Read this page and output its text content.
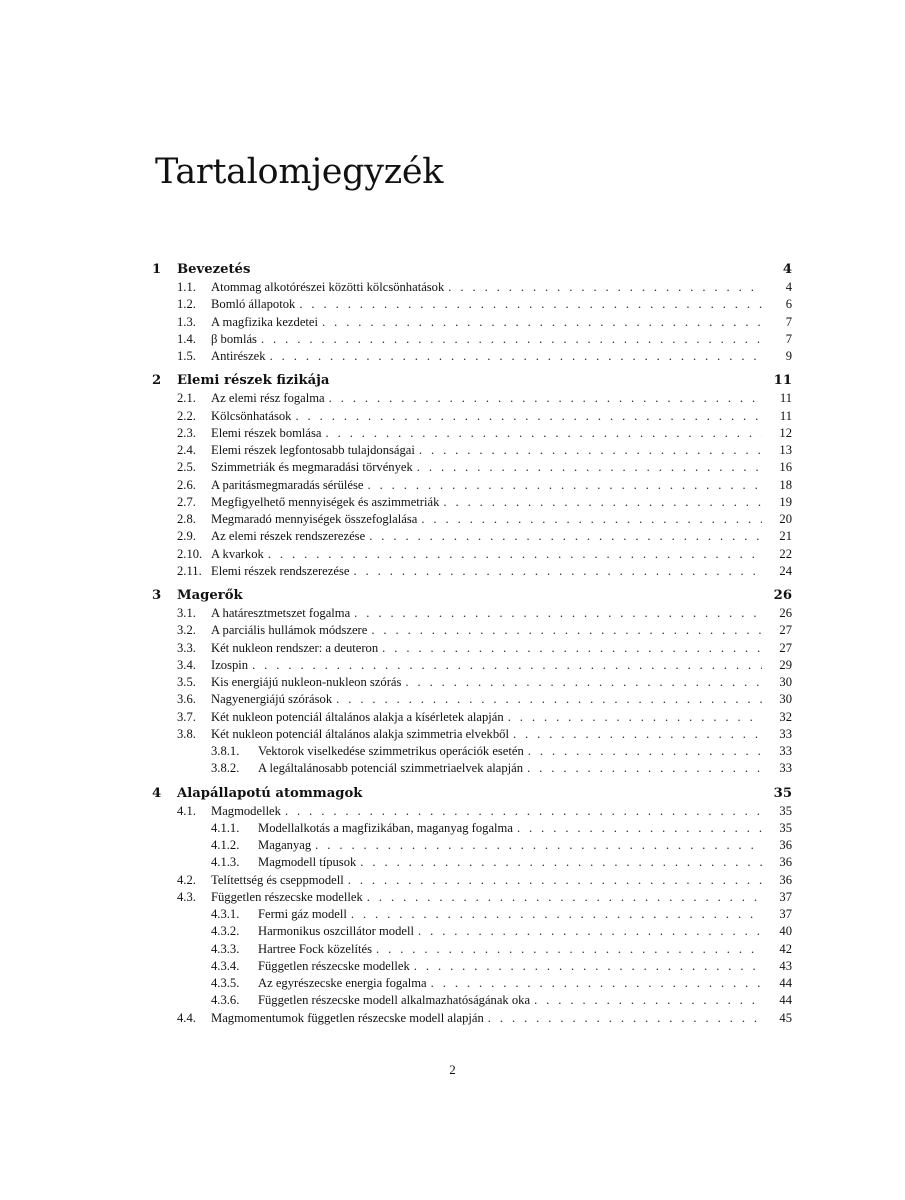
Tartalomjegyzék
1	Bevezetés	4
1.1.	Atommag alkotórészei közötti kölcsönhatások . . .	4
1.2.	Bomló állapotok . . .	6
1.3.	A magfizika kezdetei . . .	7
1.4.	β bomlás . . .	7
1.5.	Antirészek . . .	9
2	Elemi részek fizikája	11
2.1.	Az elemi rész fogalma . . .	11
2.2.	Kölcsönhatások . . .	11
2.3.	Elemi részek bomlása . . .	12
2.4.	Elemi részek legfontosabb tulajdonságai . . .	13
2.5.	Szimmetriák és megmaradási törvények . . .	16
2.6.	A paritásmegmaradás sérülése . . .	18
2.7.	Megfigyelhető mennyiségek és aszimmetriák . . .	19
2.8.	Megmaradó mennyiségek összefoglalása . . .	20
2.9.	Az elemi részek rendszerezése . . .	21
2.10. A kvarkok . . .	22
2.11. Elemi részek rendszerezése . . .	24
3	Magerők	26
3.1.	A határesztmetszet fogalma . . .	26
3.2.	A parciális hullámok módszere . . .	27
3.3.	Két nukleon rendszer: a deuteron . . .	27
3.4.	Izospin . . .	29
3.5.	Kis energiájú nukleon-nukleon szórás . . .	30
3.6.	Nagyenergiájú szórások . . .	30
3.7.	Két nukleon potenciál általános alakja a kísérletek alapján . . .	32
3.8.	Két nukleon potenciál általános alakja szimmetria elvekből . . .	33
3.8.1.	Vektorok viselkedése szimmetrikus operációk esetén . . .	33
3.8.2.	A legáltalánosabb potenciál szimmetriaelvek alapján . . .	33
4	Alapállapotú atommagok	35
4.1.	Magmodellek . . .	35
4.1.1.	Modellalkotás a magfizikában, maganyag fogalma . . .	35
4.1.2.	Maganyag . . .	36
4.1.3.	Magmodell típusok . . .	36
4.2.	Telítettség és cseppmodell . . .	36
4.3.	Független részecske modellek . . .	37
4.3.1.	Fermi gáz modell . . .	37
4.3.2.	Harmonikus oszcillátor modell . . .	40
4.3.3.	Hartree Fock közelítés . . .	42
4.3.4.	Független részecske modellek . . .	43
4.3.5.	Az egyrészecske energia fogalma . . .	44
4.3.6.	Független részecske modell alkalmazhatóságának oka . . .	44
4.4.	Magmomentumok független részecske modell alapján . . .	45
2
